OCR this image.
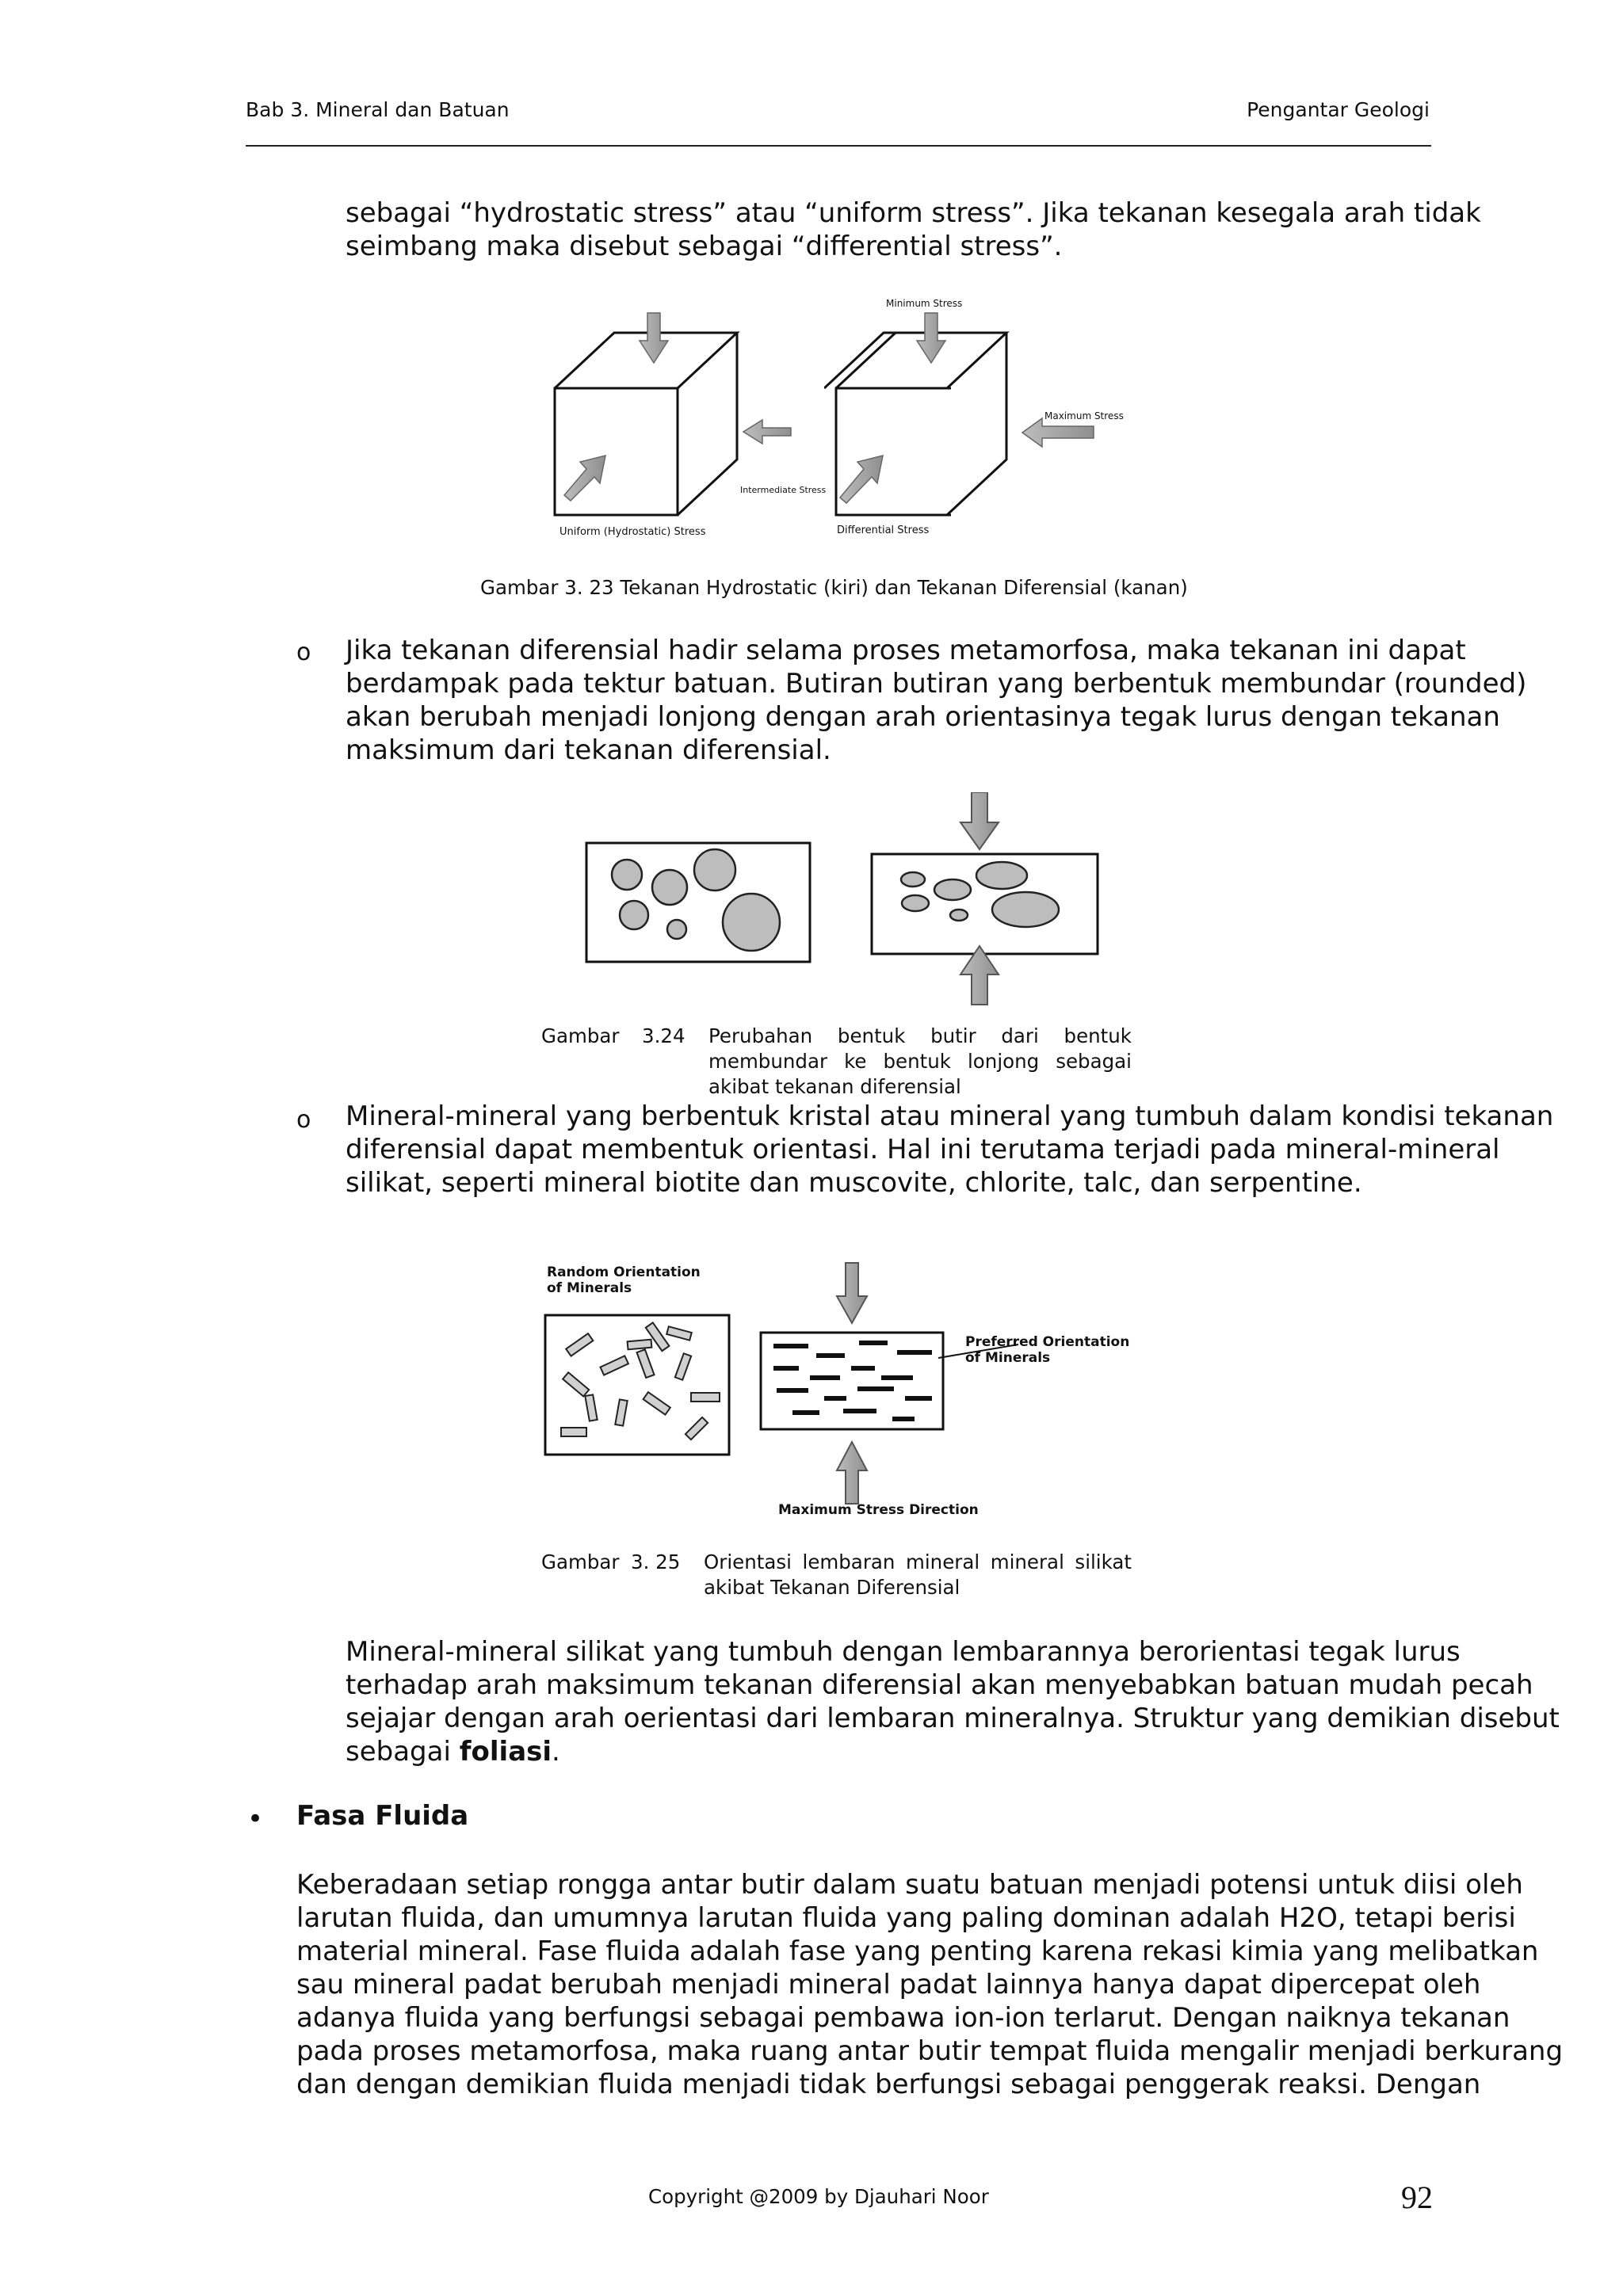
Bab 3. Mineral dan Batuan	Pengantar Geologi
sebagai “hydrostatic stress” atau “uniform stress”. Jika tekanan kesegala arah tidak
seimbang maka disebut sebagai “differential stress”.
Minimum Stress
Maximum Stress
Intermediate Stress
Uniform (Hydrostatic) Stress	Differential Stress
Gambar 3. 23 Tekanan Hydrostatic (kiri) dan Tekanan Diferensial (kanan)
o Jika tekanan diferensial hadir selama proses metamorfosa, maka tekanan ini dapat
berdampak pada tektur batuan. Butiran butiran yang berbentuk membundar (rounded)
akan berubah menjadi lonjong dengan arah orientasinya tegak lurus dengan tekanan
maksimum dari tekanan diferensial.
Gambar 3.24 Perubahan bentuk butir dari bentuk
membundar ke bentuk lonjong sebagai
akibat tekanan diferensial
o Mineral-mineral yang berbentuk kristal atau mineral yang tumbuh dalam kondisi tekanan
diferensial dapat membentuk orientasi. Hal ini terutama terjadi pada mineral-mineral
silikat, seperti mineral biotite dan muscovite, chlorite, talc, dan serpentine.
Random Orientation
of Minerals
Preferred Orientation
of Minerals
Maximum Stress Direction
Gambar 3. 25 Orientasi lembaran mineral mineral silikat
akibat Tekanan Diferensial
Mineral-mineral silikat yang tumbuh dengan lembarannya berorientasi tegak lurus
terhadap arah maksimum tekanan diferensial akan menyebabkan batuan mudah pecah
sejajar dengan arah oerientasi dari lembaran mineralnya. Struktur yang demikian disebut
sebagai foliasi.
• Fasa Fluida
Keberadaan setiap rongga antar butir dalam suatu batuan menjadi potensi untuk diisi oleh
larutan fluida, dan umumnya larutan fluida yang paling dominan adalah H2O, tetapi berisi
material mineral. Fase fluida adalah fase yang penting karena rekasi kimia yang melibatkan
sau mineral padat berubah menjadi mineral padat lainnya hanya dapat dipercepat oleh
adanya fluida yang berfungsi sebagai pembawa ion-ion terlarut. Dengan naiknya tekanan
pada proses metamorfosa, maka ruang antar butir tempat fluida mengalir menjadi berkurang
dan dengan demikian fluida menjadi tidak berfungsi sebagai penggerak reaksi. Dengan
Copyright @2009 by Djauhari Noor	92
